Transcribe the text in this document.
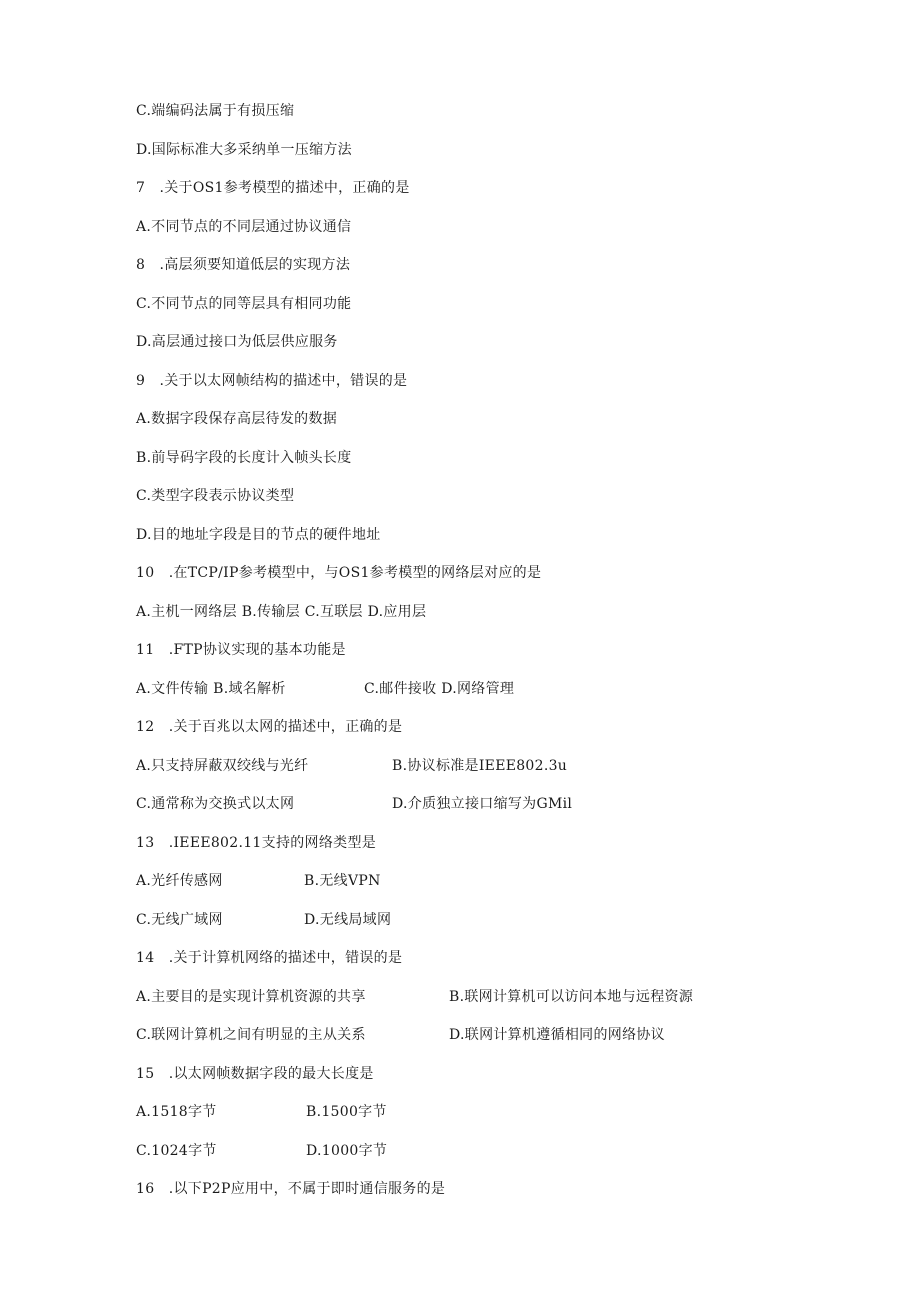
C.端编码法属于有损压缩
D.国际标准大多采纳单一压缩方法
7　.关于OS1参考模型的描述中，正确的是
A.不同节点的不同层通过协议通信
8　.高层须要知道低层的实现方法
C.不同节点的同等层具有相同功能
D.高层通过接口为低层供应服务
9　.关于以太网帧结构的描述中，错误的是
A.数据字段保存高层待发的数据
B.前导码字段的长度计入帧头长度
C.类型字段表示协议类型
D.目的地址字段是目的节点的硬件地址
10　.在TCP/IP参考模型中，与OS1参考模型的网络层对应的是
A.主机一网络层 B.传输层 C.互联层 D.应用层
11　.FTP协议实现的基本功能是
A.文件传输 B.域名解析	C.邮件接收 D.网络管理
12　.关于百兆以太网的描述中，正确的是
A.只支持屏蔽双绞线与光纤	B.协议标准是IEEE802.3u
C.通常称为交换式以太网	D.介质独立接口缩写为GMil
13　.IEEE802.11支持的网络类型是
A.光纤传感网	B.无线VPN
C.无线广域网	D.无线局域网
14　.关于计算机网络的描述中，错误的是
A.主要目的是实现计算机资源的共享	B.联网计算机可以访问本地与远程资源
C.联网计算机之间有明显的主从关系	D.联网计算机遵循相同的网络协议
15　.以太网帧数据字段的最大长度是
A.1518字节	B.1500字节
C.1024字节	D.1000字节
16　.以下P2P应用中，不属于即时通信服务的是
